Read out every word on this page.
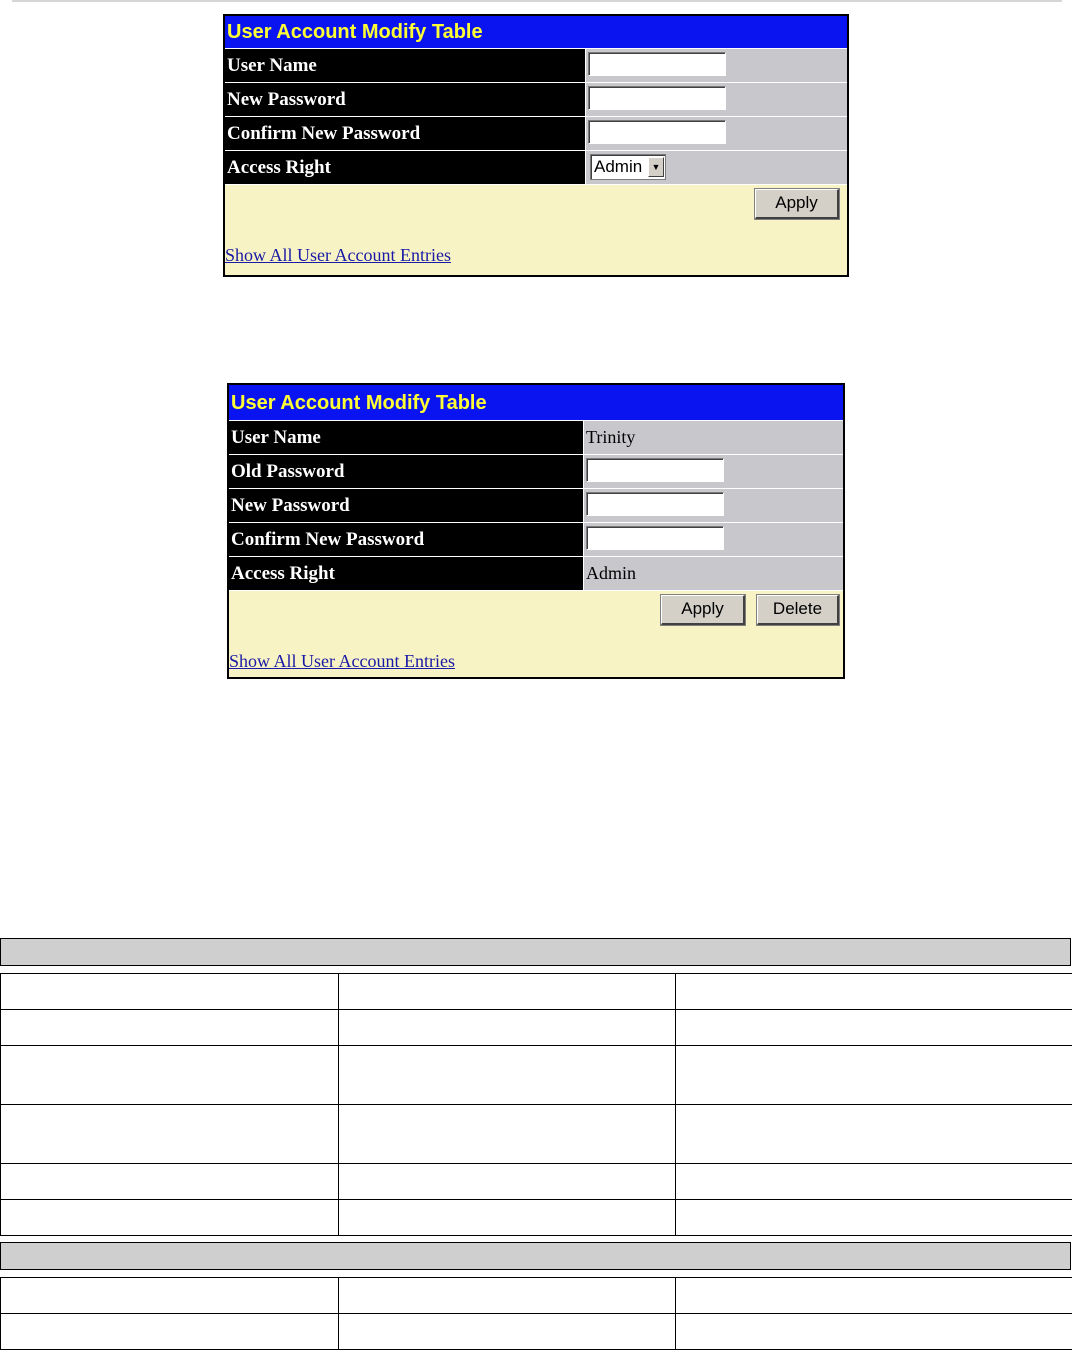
User Account Modify Table
User Name
New Password
Confirm New Password
Access Right	Admin	▼
Apply
Show All User Account Entries
User Account Modify Table
User Name	Trinity
Old Password
New Password
Confirm New Password
Access Right	Admin
Apply	Delete
Show All User Account Entries
